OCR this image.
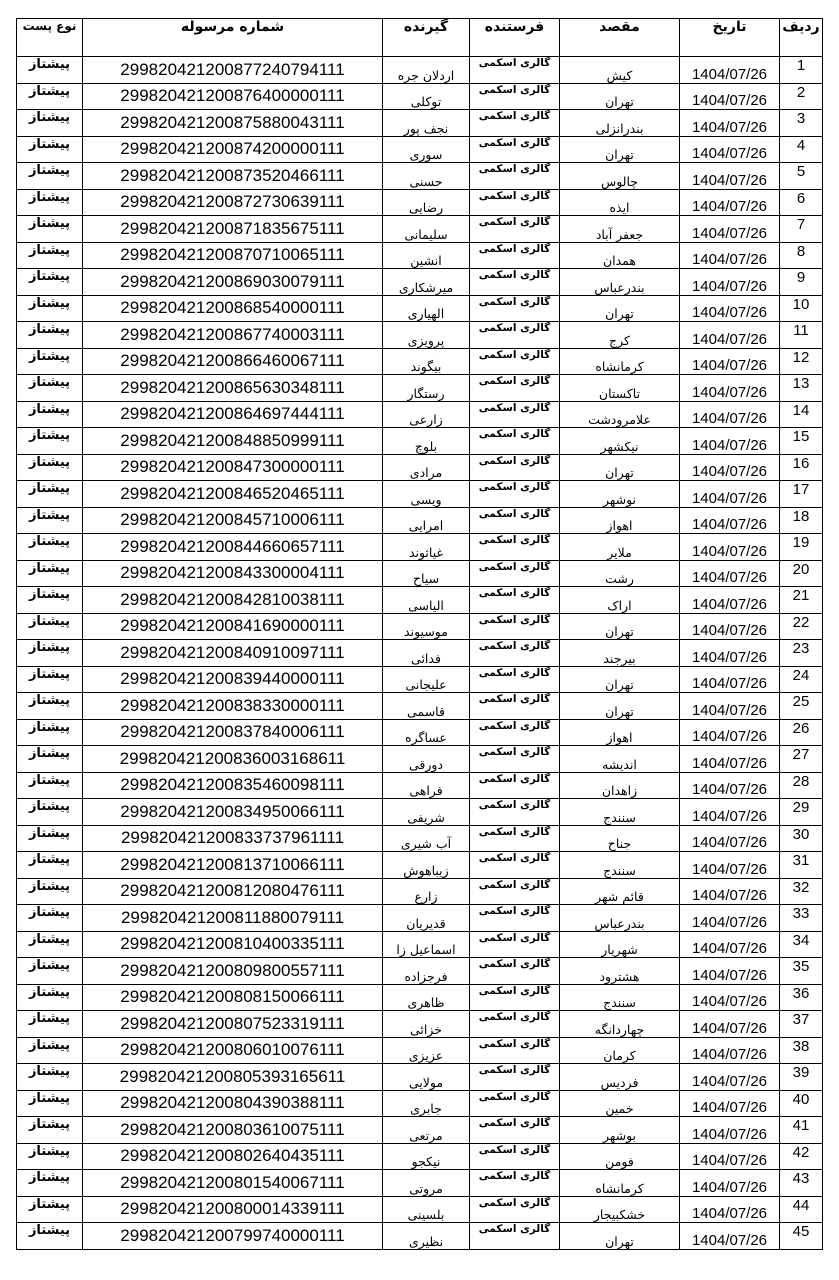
نوع پست	شماره مرسوله	گیرنده	فرستنده	مقصد	تاریخ	ردیف
پیشتاز	299820421200877240794111	اردلان جره	گالری اسکمی	کیش	1404/07/26	1
پیشتاز	299820421200876400000111	توکلی	گالری اسکمی	تهران	1404/07/26	2
پیشتاز	299820421200875880043111	نجف پور	گالری اسکمی	بندرانزلی	1404/07/26	3
پیشتاز	299820421200874200000111	سوری	گالری اسکمی	تهران	1404/07/26	4
پیشتاز	299820421200873520466111	حسنی	گالری اسکمی	چالوس	1404/07/26	5
پیشتاز	299820421200872730639111	رضایی	گالری اسکمی	ایذه	1404/07/26	6
پیشتاز	299820421200871835675111	سلیمانی	گالری اسکمی	جعفر آباد	1404/07/26	7
پیشتاز	299820421200870710065111	انشین	گالری اسکمی	همدان	1404/07/26	8
پیشتاز	299820421200869030079111	میرشکاری	گالری اسکمی	بندرعباس	1404/07/26	9
پیشتاز	299820421200868540000111	الهیاری	گالری اسکمی	تهران	1404/07/26	10
پیشتاز	299820421200867740003111	پرویزی	گالری اسکمی	کرج	1404/07/26	11
پیشتاز	299820421200866460067111	بیگوند	گالری اسکمی	کرمانشاه	1404/07/26	12
پیشتاز	299820421200865630348111	رستگار	گالری اسکمی	تاکستان	1404/07/26	13
پیشتاز	299820421200864697444111	زارعی	گالری اسکمی	علامرودشت	1404/07/26	14
پیشتاز	299820421200848850999111	بلوچ	گالری اسکمی	نیکشهر	1404/07/26	15
پیشتاز	299820421200847300000111	مرادی	گالری اسکمی	تهران	1404/07/26	16
پیشتاز	299820421200846520465111	ویسی	گالری اسکمی	نوشهر	1404/07/26	17
پیشتاز	299820421200845710006111	امرایی	گالری اسکمی	اهواز	1404/07/26	18
پیشتاز	299820421200844660657111	غیاثوند	گالری اسکمی	ملایر	1404/07/26	19
پیشتاز	299820421200843300004111	سیاح	گالری اسکمی	رشت	1404/07/26	20
پیشتاز	299820421200842810038111	الیاسی	گالری اسکمی	اراک	1404/07/26	21
پیشتاز	299820421200841690000111	موسیوند	گالری اسکمی	تهران	1404/07/26	22
پیشتاز	299820421200840910097111	فدائی	گالری اسکمی	بیرجند	1404/07/26	23
پیشتاز	299820421200839440000111	علیجانی	گالری اسکمی	تهران	1404/07/26	24
پیشتاز	299820421200838330000111	قاسمی	گالری اسکمی	تهران	1404/07/26	25
پیشتاز	299820421200837840006111	عساگره	گالری اسکمی	اهواز	1404/07/26	26
پیشتاز	299820421200836003168611	دورقی	گالری اسکمی	اندیشه	1404/07/26	27
پیشتاز	299820421200835460098111	فراهی	گالری اسکمی	زاهدان	1404/07/26	28
پیشتاز	299820421200834950066111	شریفی	گالری اسکمی	سنندج	1404/07/26	29
پیشتاز	299820421200833737961111	آب شیری	گالری اسکمی	جناح	1404/07/26	30
پیشتاز	299820421200813710066111	زیباهوش	گالری اسکمی	سنندج	1404/07/26	31
پیشتاز	299820421200812080476111	زارع	گالری اسکمی	قائم شهر	1404/07/26	32
پیشتاز	299820421200811880079111	قدیریان	گالری اسکمی	بندرعباس	1404/07/26	33
پیشتاز	299820421200810400335111	اسماعیل زا	گالری اسکمی	شهریار	1404/07/26	34
پیشتاز	299820421200809800557111	فرجزاده	گالری اسکمی	هشترود	1404/07/26	35
پیشتاز	299820421200808150066111	ظاهری	گالری اسکمی	سنندج	1404/07/26	36
پیشتاز	299820421200807523319111	خزائی	گالری اسکمی	چهاردانگه	1404/07/26	37
پیشتاز	299820421200806010076111	عزیزی	گالری اسکمی	کرمان	1404/07/26	38
پیشتاز	299820421200805393165611	مولایی	گالری اسکمی	فردیس	1404/07/26	39
پیشتاز	299820421200804390388111	جابری	گالری اسکمی	خمین	1404/07/26	40
پیشتاز	299820421200803610075111	مرتعی	گالری اسکمی	بوشهر	1404/07/26	41
پیشتاز	299820421200802640435111	نیکجو	گالری اسکمی	فومن	1404/07/26	42
پیشتاز	299820421200801540067111	مروتی	گالری اسکمی	کرمانشاه	1404/07/26	43
پیشتاز	299820421200800014339111	بلسینی	گالری اسکمی	خشکبیجار	1404/07/26	44
پیشتاز	299820421200799740000111	نظیری	گالری اسکمی	تهران	1404/07/26	45
